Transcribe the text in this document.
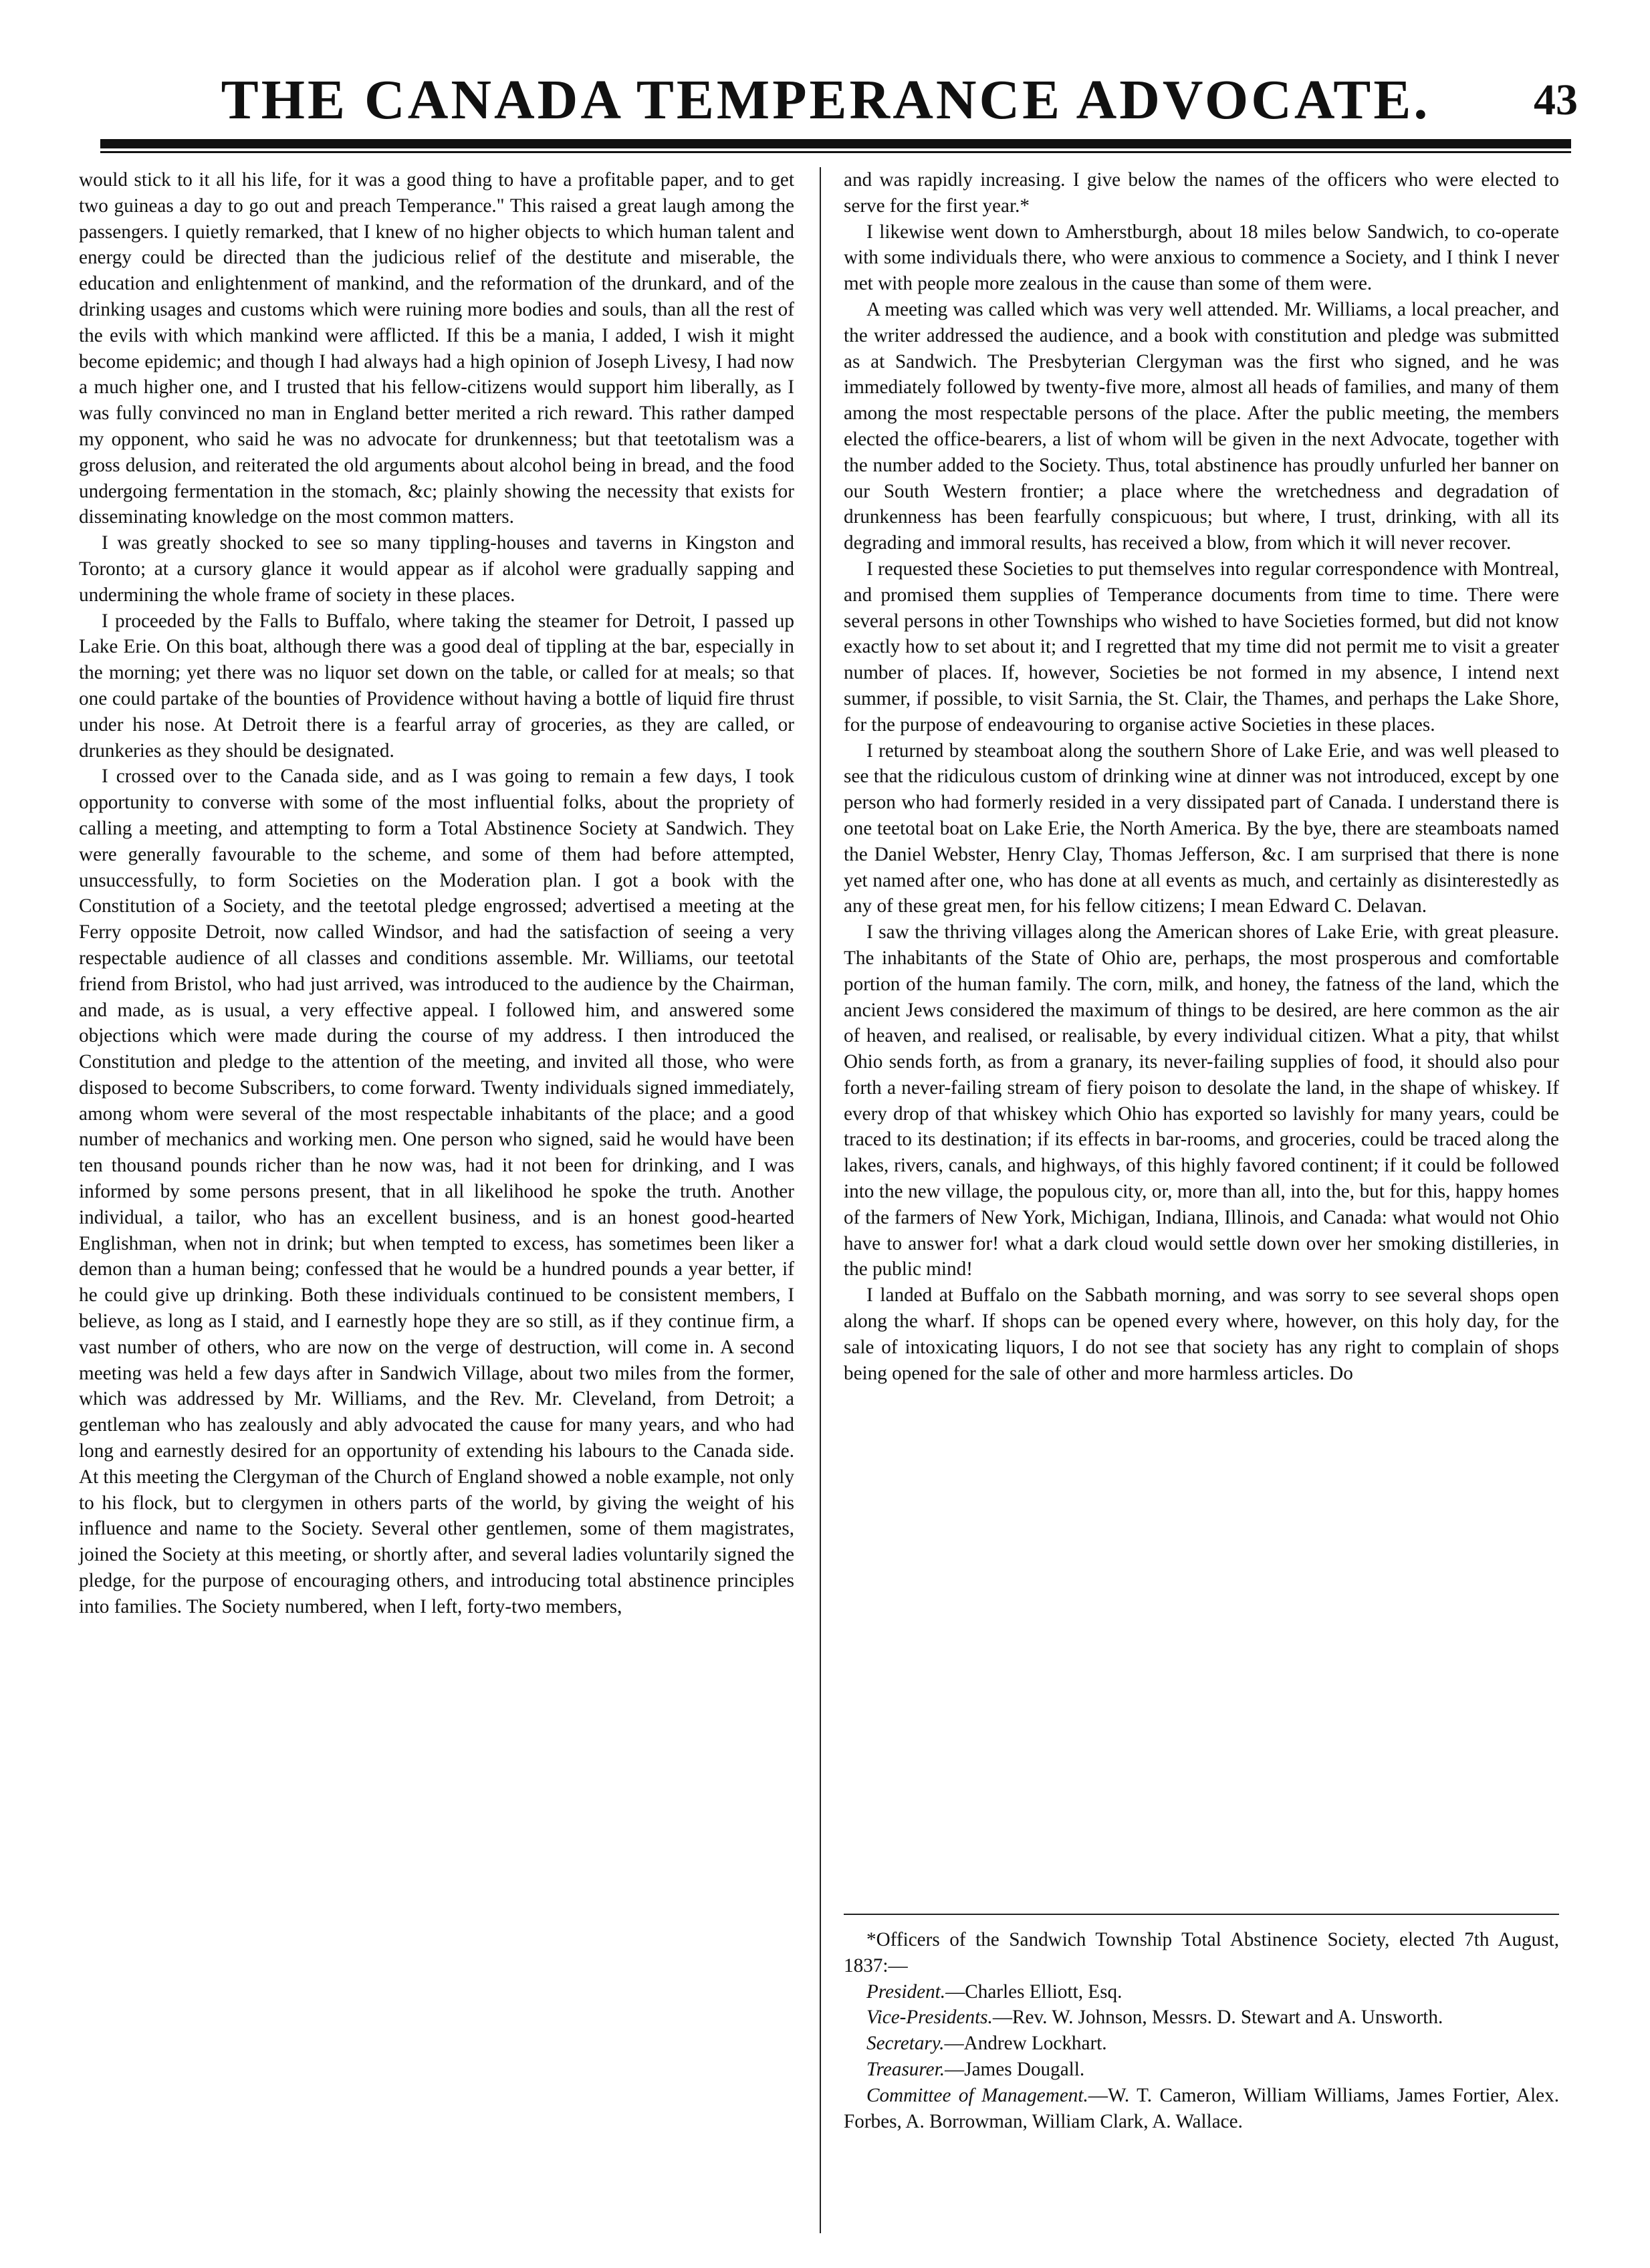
THE CANADA TEMPERANCE ADVOCATE.	43

would stick to it all his life, for it was a good thing to have a profitable paper, and to get two guineas a day to go out and preach Temperance." This raised a great laugh among the passengers. I quietly remarked, that I knew of no higher objects to which human talent and energy could be directed than the judicious relief of the destitute and miserable, the education and enlightenment of mankind, and the reformation of the drunkard, and of the drinking usages and customs which were ruining more bodies and souls, than all the rest of the evils with which mankind were afflicted. If this be a mania, I added, I wish it might become epidemic; and though I had always had a high opinion of Joseph Livesy, I had now a much higher one, and I trusted that his fellow-citizens would support him liberally, as I was fully convinced no man in England better merited a rich reward. This rather damped my opponent, who said he was no advocate for drunkenness; but that teetotalism was a gross delusion, and reiterated the old arguments about alcohol being in bread, and the food undergoing fermentation in the stomach, &c; plainly showing the necessity that exists for disseminating knowledge on the most common matters.

I was greatly shocked to see so many tippling-houses and taverns in Kingston and Toronto; at a cursory glance it would appear as if alcohol were gradually sapping and undermining the whole frame of society in these places.

I proceeded by the Falls to Buffalo, where taking the steamer for Detroit, I passed up Lake Erie. On this boat, although there was a good deal of tippling at the bar, especially in the morning; yet there was no liquor set down on the table, or called for at meals; so that one could partake of the bounties of Providence without having a bottle of liquid fire thrust under his nose. At Detroit there is a fearful array of groceries, as they are called, or drunkeries as they should be designated.

I crossed over to the Canada side, and as I was going to remain a few days, I took opportunity to converse with some of the most influential folks, about the propriety of calling a meeting, and attempting to form a Total Abstinence Society at Sandwich. They were generally favourable to the scheme, and some of them had before attempted, unsuccessfully, to form Societies on the Moderation plan. I got a book with the Constitution of a Society, and the teetotal pledge engrossed; advertised a meeting at the Ferry opposite Detroit, now called Windsor, and had the satisfaction of seeing a very respectable audience of all classes and conditions assemble. Mr. Williams, our teetotal friend from Bristol, who had just arrived, was introduced to the audience by the Chairman, and made, as is usual, a very effective appeal. I followed him, and answered some objections which were made during the course of my address. I then introduced the Constitution and pledge to the attention of the meeting, and invited all those, who were disposed to become Subscribers, to come forward. Twenty individuals signed immediately, among whom were several of the most respectable inhabitants of the place; and a good number of mechanics and working men. One person who signed, said he would have been ten thousand pounds richer than he now was, had it not been for drinking, and I was informed by some persons present, that in all likelihood he spoke the truth. Another individual, a tailor, who has an excellent business, and is an honest good-hearted Englishman, when not in drink; but when tempted to excess, has sometimes been liker a demon than a human being; confessed that he would be a hundred pounds a year better, if he could give up drinking. Both these individuals continued to be consistent members, I believe, as long as I staid, and I earnestly hope they are so still, as if they continue firm, a vast number of others, who are now on the verge of destruction, will come in. A second meeting was held a few days after in Sandwich Village, about two miles from the former, which was addressed by Mr. Williams, and the Rev. Mr. Cleveland, from Detroit; a gentleman who has zealously and ably advocated the cause for many years, and who had long and earnestly desired for an opportunity of extending his labours to the Canada side. At this meeting the Clergyman of the Church of England showed a noble example, not only to his flock, but to clergymen in others parts of the world, by giving the weight of his influence and name to the Society. Several other gentlemen, some of them magistrates, joined the Society at this meeting, or shortly after, and several ladies voluntarily signed the pledge, for the purpose of encouraging others, and introducing total abstinence principles into families. The Society numbered, when I left, forty-two members,

and was rapidly increasing. I give below the names of the officers who were elected to serve for the first year.*

I likewise went down to Amherstburgh, about 18 miles below Sandwich, to co-operate with some individuals there, who were anxious to commence a Society, and I think I never met with people more zealous in the cause than some of them were.

A meeting was called which was very well attended. Mr. Williams, a local preacher, and the writer addressed the audience, and a book with constitution and pledge was submitted as at Sandwich. The Presbyterian Clergyman was the first who signed, and he was immediately followed by twenty-five more, almost all heads of families, and many of them among the most respectable persons of the place. After the public meeting, the members elected the office-bearers, a list of whom will be given in the next Advocate, together with the number added to the Society. Thus, total abstinence has proudly unfurled her banner on our South Western frontier; a place where the wretchedness and degradation of drunkenness has been fearfully conspicuous; but where, I trust, drinking, with all its degrading and immoral results, has received a blow, from which it will never recover.

I requested these Societies to put themselves into regular correspondence with Montreal, and promised them supplies of Temperance documents from time to time. There were several persons in other Townships who wished to have Societies formed, but did not know exactly how to set about it; and I regretted that my time did not permit me to visit a greater number of places. If, however, Societies be not formed in my absence, I intend next summer, if possible, to visit Sarnia, the St. Clair, the Thames, and perhaps the Lake Shore, for the purpose of endeavouring to organise active Societies in these places.

I returned by steamboat along the southern Shore of Lake Erie, and was well pleased to see that the ridiculous custom of drinking wine at dinner was not introduced, except by one person who had formerly resided in a very dissipated part of Canada. I understand there is one teetotal boat on Lake Erie, the North America. By the bye, there are steamboats named the Daniel Webster, Henry Clay, Thomas Jefferson, &c. I am surprised that there is none yet named after one, who has done at all events as much, and certainly as disinterestedly as any of these great men, for his fellow citizens; I mean Edward C. Delavan.

I saw the thriving villages along the American shores of Lake Erie, with great pleasure. The inhabitants of the State of Ohio are, perhaps, the most prosperous and comfortable portion of the human family. The corn, milk, and honey, the fatness of the land, which the ancient Jews considered the maximum of things to be desired, are here common as the air of heaven, and realised, or realisable, by every individual citizen. What a pity, that whilst Ohio sends forth, as from a granary, its never-failing supplies of food, it should also pour forth a never-failing stream of fiery poison to desolate the land, in the shape of whiskey. If every drop of that whiskey which Ohio has exported so lavishly for many years, could be traced to its destination; if its effects in bar-rooms, and groceries, could be traced along the lakes, rivers, canals, and highways, of this highly favored continent; if it could be followed into the new village, the populous city, or, more than all, into the, but for this, happy homes of the farmers of New York, Michigan, Indiana, Illinois, and Canada: what would not Ohio have to answer for! what a dark cloud would settle down over her smoking distilleries, in the public mind!

I landed at Buffalo on the Sabbath morning, and was sorry to see several shops open along the wharf. If shops can be opened every where, however, on this holy day, for the sale of intoxicating liquors, I do not see that society has any right to complain of shops being opened for the sale of other and more harmless articles. Do

*Officers of the Sandwich Township Total Abstinence Society, elected 7th August, 1837:—

President.—Charles Elliott, Esq.

Vice-Presidents.—Rev. W. Johnson, Messrs. D. Stewart and A. Unsworth.

Secretary.—Andrew Lockhart.

Treasurer.—James Dougall.

Committee of Management.—W. T. Cameron, William Williams, James Fortier, Alex. Forbes, A. Borrowman, William Clark, A. Wallace.
